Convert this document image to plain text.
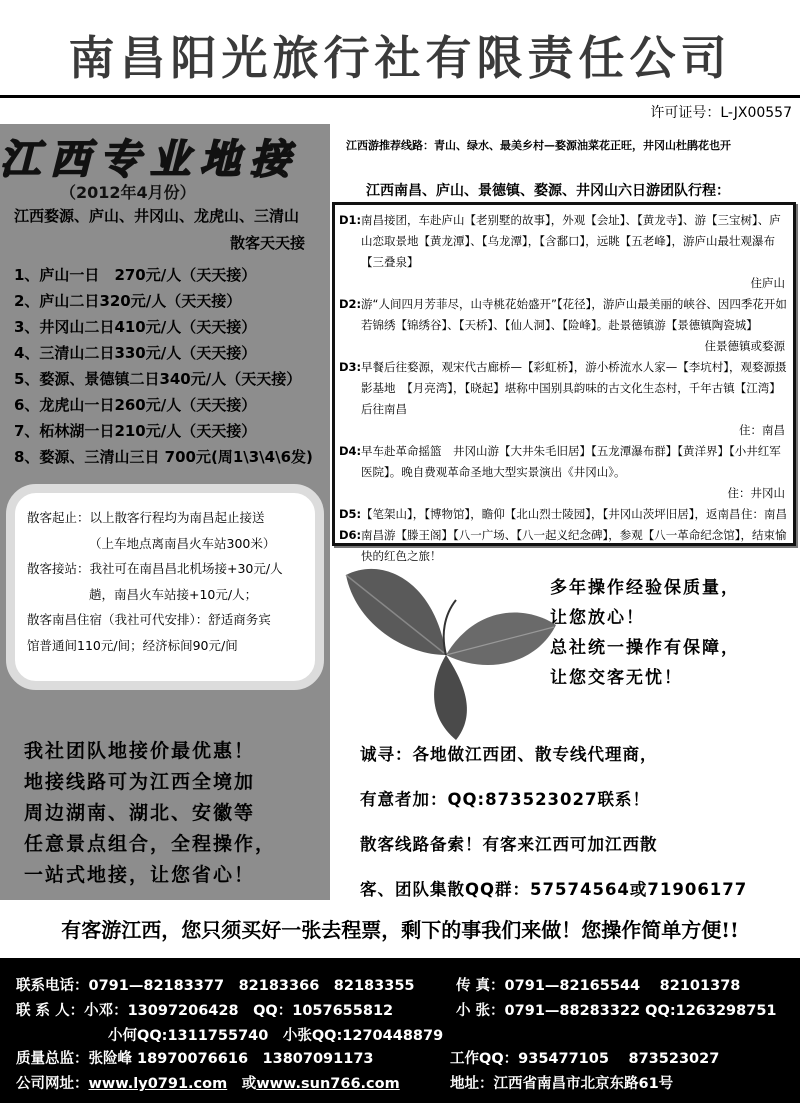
南昌阳光旅行社有限责任公司
许可证号：L-JX00557
江西专业地接
（2012年4月份）
江西婺源、庐山、井冈山、龙虎山、三清山
散客天天接
1、庐山一日　270元/人（天天接）
2、庐山二日320元/人（天天接）
3、井冈山二日410元/人（天天接）
4、三清山二日330元/人（天天接）
5、婺源、景德镇二日340元/人（天天接）
6、龙虎山一日260元/人（天天接）
7、柘林湖一日210元/人（天天接）
8、婺源、三清山三日 700元(周1\3\4\6发)
散客起止：以上散客行程均为南昌起止接送
（上车地点离南昌火车站300米）
散客接站：我社可在南昌昌北机场接+30元/人
趟，南昌火车站接+10元/人；
散客南昌住宿（我社可代安排）：舒适商务宾
馆普通间110元/间；经济标间90元/间
我社团队地接价最优惠！
地接线路可为江西全境加
周边湖南、湖北、安徽等
任意景点组合，全程操作，
一站式地接，让您省心！
江西游推荐线路：青山、绿水、最美乡村—婺源油菜花正旺，井冈山杜鹃花也开
江西南昌、庐山、景德镇、婺源、井冈山六日游团队行程：
D1: 南昌接团，车赴庐山【老别墅的故事】，外观【会址】、【黄龙寺】、游【三宝树】、庐山恋取景地【黄龙潭】、【乌龙潭】，【含鄱口】，远眺【五老峰】，游庐山最壮观瀑布【三叠泉】
住庐山
D2: 游“人间四月芳菲尽，山寺桃花始盛开”【花径】，游庐山最美丽的峡谷、因四季花开如若锦绣【锦绣谷】、【天桥】、【仙人洞】、【险峰】。赴景德镇游【景德镇陶瓷城】
住景德镇或婺源
D3: 早餐后往婺源，观宋代古廊桥—【彩虹桥】，游小桥流水人家—【李坑村】，观婺源摄影基地　【月亮湾】，【晓起】堪称中国别具韵味的古文化生态村，千年古镇【江湾】后往南昌
住：南昌
D4: 早车赴革命摇篮　井冈山游【大井朱毛旧居】【五龙潭瀑布群】【黄洋界】【小井红军医院】。晚自费观革命圣地大型实景演出《井冈山》。
住：井冈山
D5: 【笔架山】，【博物馆】，瞻仰【北山烈士陵园】，【井冈山茨坪旧居】，返南昌 住：南昌
D6: 南昌游【滕王阁】【八一广场、【八一起义纪念碑】，参观【八一革命纪念馆】，结束愉快的红色之旅！
多年操作经验保质量，
让您放心！
总社统一操作有保障，
让您交客无忧！
诚寻：各地做江西团、散专线代理商，
有意者加：QQ:873523027联系！
散客线路备索！有客来江西可加江西散
客、团队集散QQ群：57574564或71906177
有客游江西，您只须买好一张去程票，剩下的事我们来做！您操作简单方便!!
联系电话：0791—82183377　82183366　82183355	传 真：0791—82165544　 82101378
联 系 人：小邓：13097206428　QQ：1057655812	小 张：0791—88283322 QQ:1263298751
小何QQ:1311755740　小张QQ:1270448879
质量总监：张险峰 18970076616　13807091173	工作QQ：935477105　 873523027
公司网址：www.ly0791.com　 或www.sun766.com	地址：江西省南昌市北京东路61号
